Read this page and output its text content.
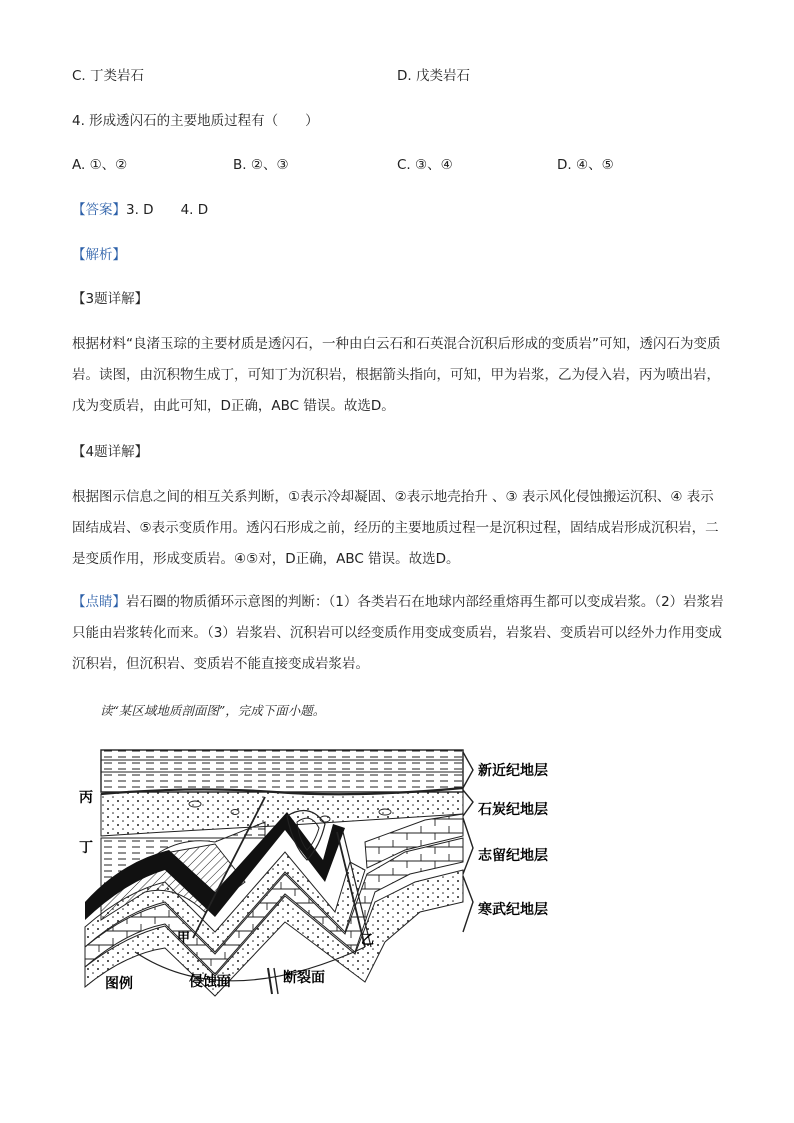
C. 丁类岩石	D. 戊类岩石
4. 形成透闪石的主要地质过程有（　　）
A. ①、②	B. ②、③	C. ③、④	D. ④、⑤
【答案】3. D　　4. D
【解析】
【3题详解】
根据材料“良渚玉琮的主要材质是透闪石，一种由白云石和石英混合沉积后形成的变质岩”可知，透闪石为变质岩。读图，由沉积物生成丁，可知丁为沉积岩，根据箭头指向，可知，甲为岩浆，乙为侵入岩，丙为喷出岩，戊为变质岩，由此可知，D正确，ABC 错误。故选D。
【4题详解】
根据图示信息之间的相互关系判断，①表示冷却凝固、②表示地壳抬升 、③ 表示风化侵蚀搬运沉积、④ 表示固结成岩、⑤表示变质作用。透闪石形成之前，经历的主要地质过程一是沉积过程，固结成岩形成沉积岩，二是变质作用，形成变质岩。④⑤对，D正确，ABC 错误。故选D。
【点睛】岩石圈的物质循环示意图的判断：（1）各类岩石在地球内部经重熔再生都可以变成岩浆。（2）岩浆岩只能由岩浆转化而来。（3）岩浆岩、沉积岩可以经变质作用变成变质岩，岩浆岩、变质岩可以经外力作用变成沉积岩，但沉积岩、变质岩不能直接变成岩浆岩。
读“某区域地质剖面图”，完成下面小题。
丙
丁
甲	乙
新近纪地层
石炭纪地层
志留纪地层
寒武纪地层
图例	侵蚀面	断裂面
